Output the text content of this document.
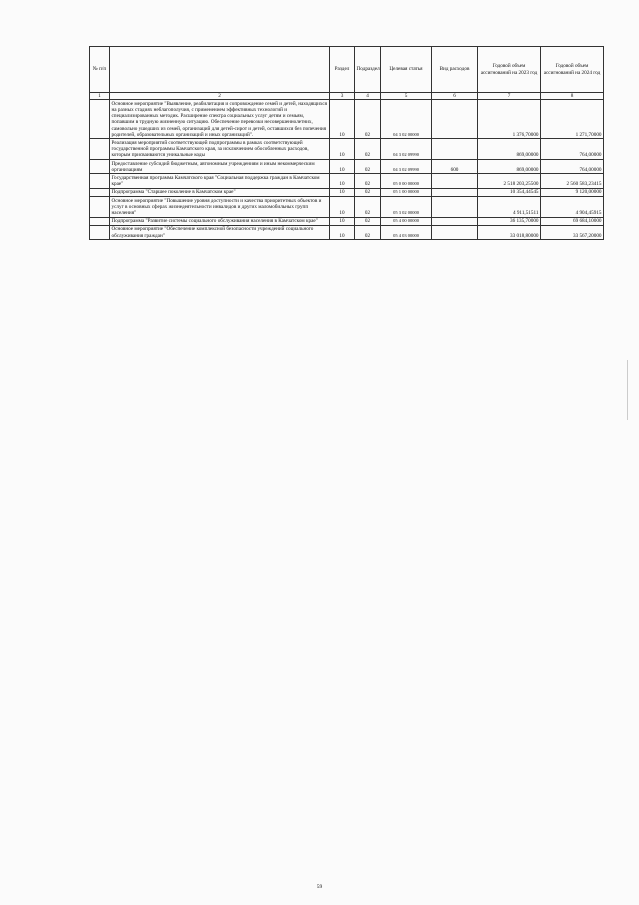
№ п/п		Раздел	Подраздел	Целевая статья	Вид расходов	Годовой объем ассигнований на 2023 год	Годовой объем ассигнований на 2024 год
1	2	3	4	5	6	7	8
	Основное мероприятие "Выявление, реабилитация и сопровождение семей и детей, находящихся на разных стадиях неблагополучия, с применением эффективных технологий и специализированных методик. Расширение спектра социальных услуг детям и семьям, попавшим в трудную жизненную ситуацию. Обеспечение перевозки несовершеннолетних, самовольно ушедших из семей, организаций для детей-сирот и детей, оставшихся без попечения родителей, образовательных организаций и иных организаций".	10	02	04 3 02 00000		1 376,70000	1 271,70000
	Реализация мероприятий соответствующей подпрограммы в рамках соответствующей государственной программы Камчатского края, за исключением обособленных расходов, которым присваиваются уникальные коды	10	02	04 3 02 09990		869,00000	764,00000
	Предоставление субсидий бюджетным, автономным учреждениям и иным некоммерческим организациям	10	02	04 3 02 09990	600	869,00000	764,00000
	Государственная программа Камчатского края "Социальная поддержка граждан в Камчатском крае"	10	02	05 0 00 00000		2 518 203,25500	2 560 583,23415
	Подпрограмма "Старшее поколение в Камчатском крае"	10	02	05 1 00 00000		10 354,44545	9 120,00000
	Основное мероприятие "Повышение уровня доступности и качества приоритетных объектов и услуг в основных сферах жизнедеятельности инвалидов и других маломобильных групп населения"	10	02	05 3 02 00000		4 911,51511	4 904,45915
	Подпрограмма "Развитие системы социального обслуживания населения в Камчатском крае"	10	02	05 4 00 00000		36 135,70000	69 684,10000
	Основное мероприятие "Обеспечение комплексной безопасности учреждений социального обслуживания граждан"	10	02	05 4 03 00000		33 018,80000	33 567,20000
59
